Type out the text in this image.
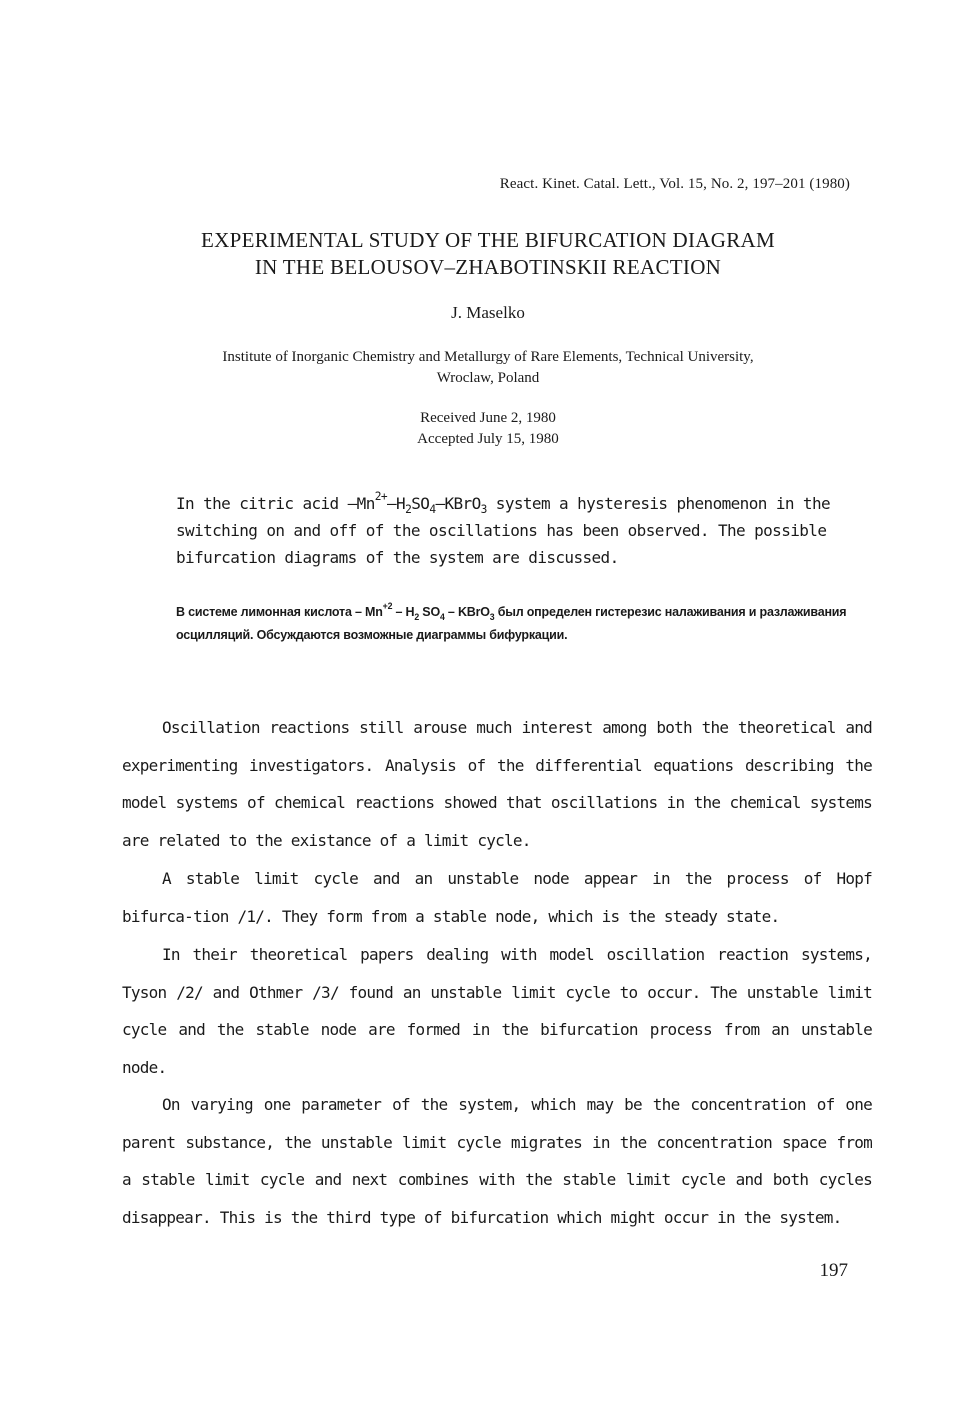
React. Kinet. Catal. Lett., Vol. 15, No. 2, 197–201 (1980)
EXPERIMENTAL STUDY OF THE BIFURCATION DIAGRAM
IN THE BELOUSOV–ZHABOTINSKII REACTION
J. Maselko
Institute of Inorganic Chemistry and Metallurgy of Rare Elements, Technical University,
Wroclaw, Poland
Received June 2, 1980
Accepted July 15, 1980
In the citric acid $-Mn^{2+}-H_2SO_4-KBrO_3$ system a hysteresis phenomenon in the switching on and off of the oscillations has been observed. The possible bifurcation diagrams of the system are discussed.
В системе лимонная кислота – $Mn^{+2} - H_2$ $SO_4$ – KBrO$_3$ был определен гистерезис налаживания и разлаживания осцилляций. Обсуждаются возможные диаграммы бифуркации.
Oscillation reactions still arouse much interest among both the theoretical and experimenting investigators. Analysis of the differential equations describing the model systems of chemical reactions showed that oscillations in the chemical systems are related to the existance of a limit cycle.
A stable limit cycle and an unstable node appear in the process of Hopf bifurca-tion /1/. They form from a stable node, which is the steady state.
In their theoretical papers dealing with model oscillation reaction systems, Tyson /2/ and Othmer /3/ found an unstable limit cycle to occur. The unstable limit cycle and the stable node are formed in the bifurcation process from an unstable node.
On varying one parameter of the system, which may be the concentration of one parent substance, the unstable limit cycle migrates in the concentration space from a stable limit cycle and next combines with the stable limit cycle and both cycles disappear. This is the third type of bifurcation which might occur in the system.
197
